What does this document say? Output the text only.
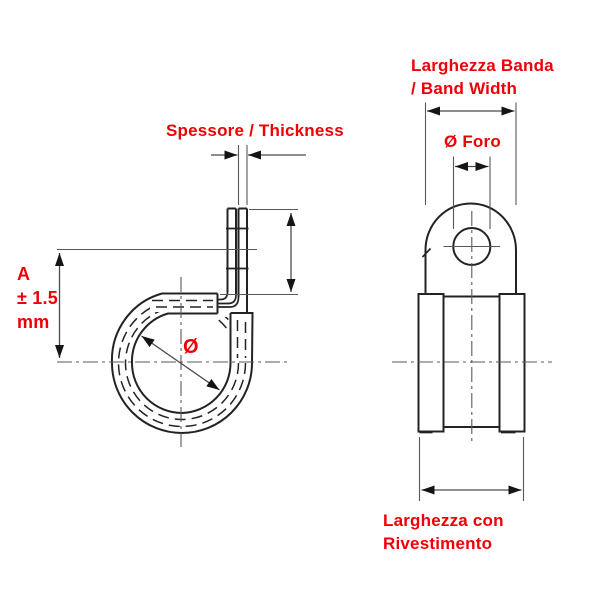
Spessore / Thickness
Larghezza Banda
/ Band Width
Ø Foro
A
± 1.5
mm
Ø
Larghezza con
Rivestimento
